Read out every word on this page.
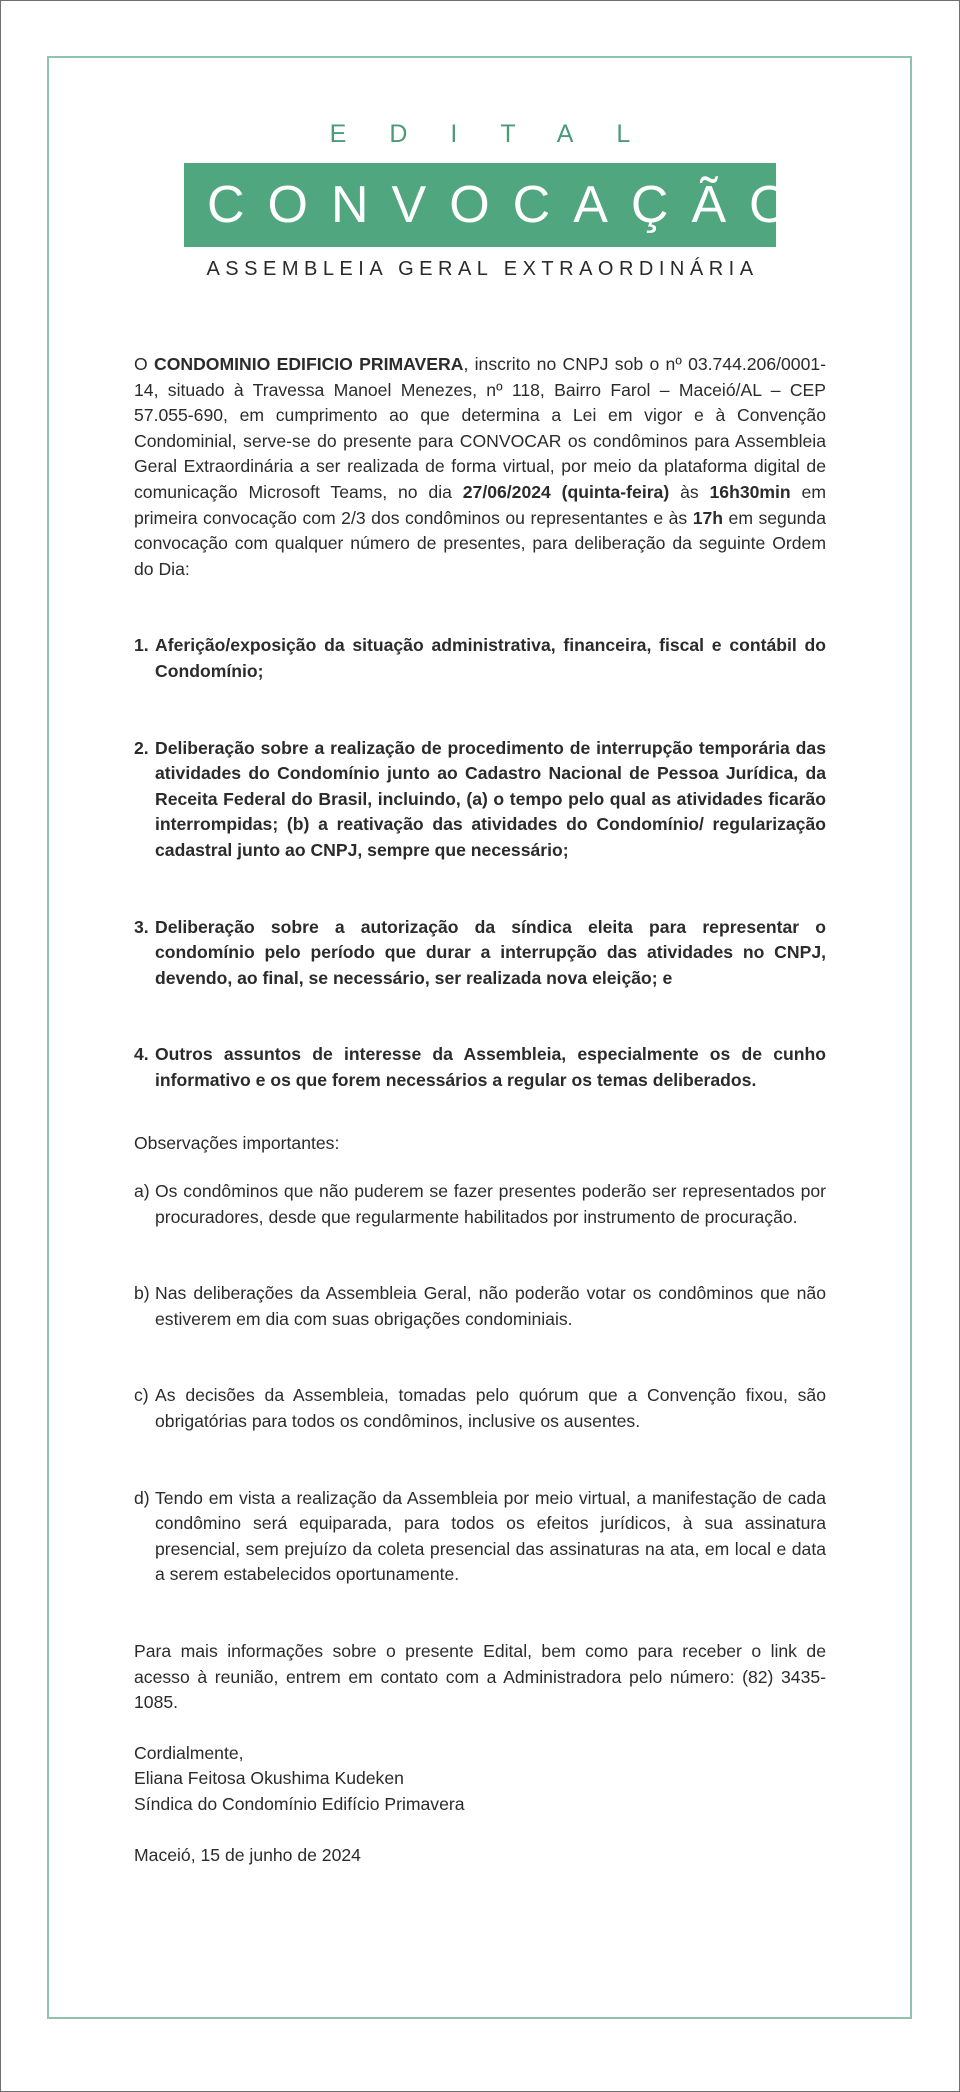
EDITAL
CONVOCAÇÃO
ASSEMBLEIA GERAL EXTRAORDINÁRIA

O CONDOMINIO EDIFICIO PRIMAVERA, inscrito no CNPJ sob o nº 03.744.206/0001-14, situado à Travessa Manoel Menezes, nº 118, Bairro Farol – Maceió/AL – CEP 57.055-690, em cumprimento ao que determina a Lei em vigor e à Convenção Condominial, serve-se do presente para CONVOCAR os condôminos para Assembleia Geral Extraordinária a ser realizada de forma virtual, por meio da plataforma digital de comunicação Microsoft Teams, no dia 27/06/2024 (quinta-feira) às 16h30min em primeira convocação com 2/3 dos condôminos ou representantes e às 17h em segunda convocação com qualquer número de presentes, para deliberação da seguinte Ordem do Dia:

1. Aferição/exposição da situação administrativa, financeira, fiscal e contábil do Condomínio;
2. Deliberação sobre a realização de procedimento de interrupção temporária das atividades do Condomínio junto ao Cadastro Nacional de Pessoa Jurídica, da Receita Federal do Brasil, incluindo, (a) o tempo pelo qual as atividades ficarão interrompidas; (b) a reativação das atividades do Condomínio/ regularização cadastral junto ao CNPJ, sempre que necessário;
3. Deliberação sobre a autorização da síndica eleita para representar o condomínio pelo período que durar a interrupção das atividades no CNPJ, devendo, ao final, se necessário, ser realizada nova eleição; e
4. Outros assuntos de interesse da Assembleia, especialmente os de cunho informativo e os que forem necessários a regular os temas deliberados.

Observações importantes:

a) Os condôminos que não puderem se fazer presentes poderão ser representados por procuradores, desde que regularmente habilitados por instrumento de procuração.
b) Nas deliberações da Assembleia Geral, não poderão votar os condôminos que não estiverem em dia com suas obrigações condominiais.
c) As decisões da Assembleia, tomadas pelo quórum que a Convenção fixou, são obrigatórias para todos os condôminos, inclusive os ausentes.
d) Tendo em vista a realização da Assembleia por meio virtual, a manifestação de cada condômino será equiparada, para todos os efeitos jurídicos, à sua assinatura presencial, sem prejuízo da coleta presencial das assinaturas na ata, em local e data a serem estabelecidos oportunamente.

Para mais informações sobre o presente Edital, bem como para receber o link de acesso à reunião, entrem em contato com a Administradora pelo número: (82) 3435-1085.

Cordialmente,

Eliana Feitosa Okushima Kudeken

Síndica do Condomínio Edifício Primavera

Maceió, 15 de junho de 2024
